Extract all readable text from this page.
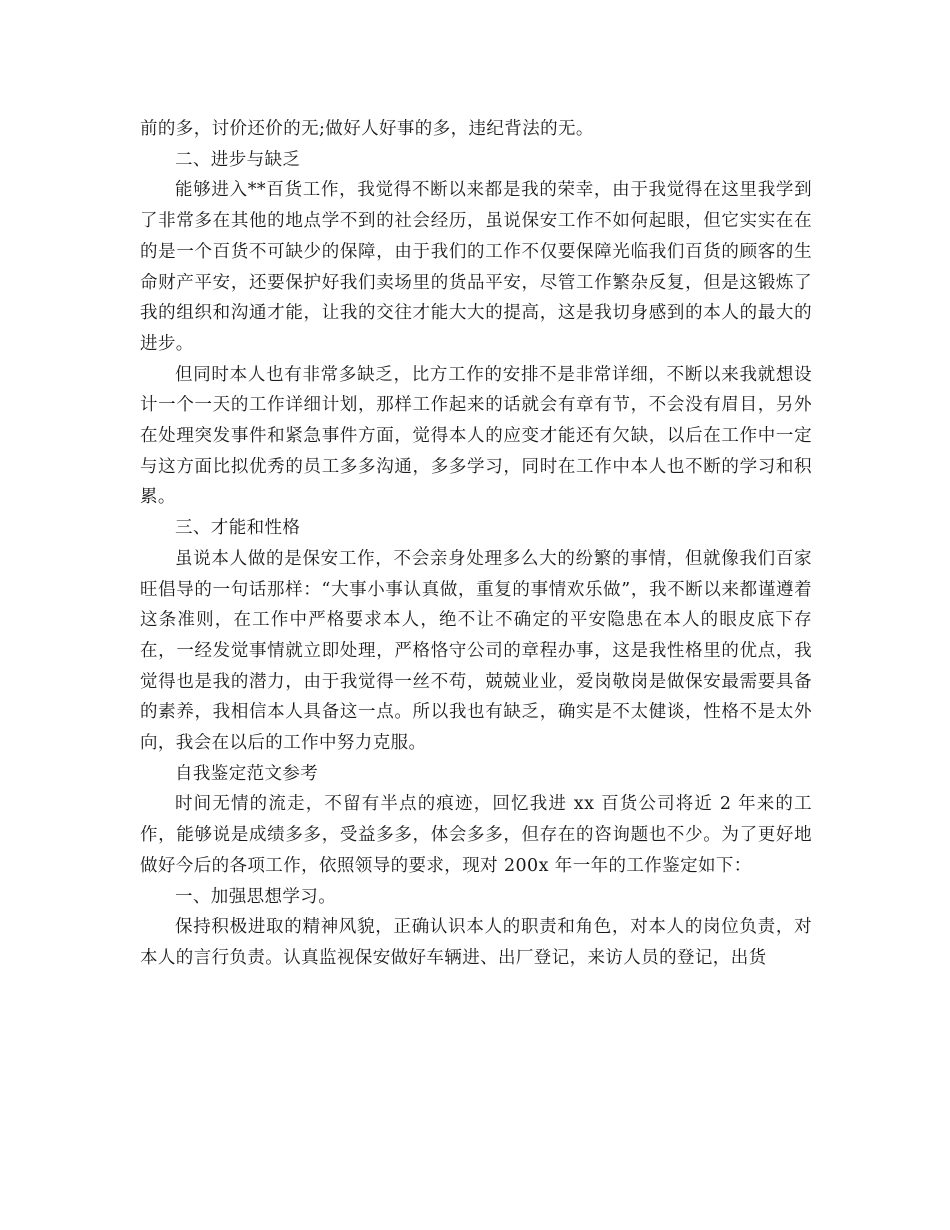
前的多，讨价还价的无;做好人好事的多，违纪背法的无。

二、进步与缺乏

能够进入**百货工作，我觉得不断以来都是我的荣幸，由于我觉得在这里我学到了非常多在其他的地点学不到的社会经历，虽说保安工作不如何起眼，但它实实在在的是一个百货不可缺少的保障，由于我们的工作不仅要保障光临我们百货的顾客的生命财产平安，还要保护好我们卖场里的货品平安，尽管工作繁杂反复，但是这锻炼了我的组织和沟通才能，让我的交往才能大大的提高，这是我切身感到的本人的最大的进步。

但同时本人也有非常多缺乏，比方工作的安排不是非常详细，不断以来我就想设计一个一天的工作详细计划，那样工作起来的话就会有章有节，不会没有眉目，另外在处理突发事件和紧急事件方面，觉得本人的应变才能还有欠缺，以后在工作中一定与这方面比拟优秀的员工多多沟通，多多学习，同时在工作中本人也不断的学习和积累。

三、才能和性格

虽说本人做的是保安工作，不会亲身处理多么大的纷繁的事情，但就像我们百家旺倡导的一句话那样：“大事小事认真做，重复的事情欢乐做”，我不断以来都谨遵着这条准则，在工作中严格要求本人，绝不让不确定的平安隐患在本人的眼皮底下存在，一经发觉事情就立即处理，严格恪守公司的章程办事，这是我性格里的优点，我觉得也是我的潜力，由于我觉得一丝不苟，兢兢业业，爱岗敬岗是做保安最需要具备的素养，我相信本人具备这一点。所以我也有缺乏，确实是不太健谈，性格不是太外向，我会在以后的工作中努力克服。

自我鉴定范文参考

时间无情的流走，不留有半点的痕迹，回忆我进 xx 百货公司将近 2 年来的工作，能够说是成绩多多，受益多多，体会多多，但存在的咨询题也不少。为了更好地做好今后的各项工作，依照领导的要求，现对 200x 年一年的工作鉴定如下：

一、加强思想学习。

保持积极进取的精神风貌，正确认识本人的职责和角色，对本人的岗位负责，对本人的言行负责。认真监视保安做好车辆进、出厂登记，来访人员的登记，出货
